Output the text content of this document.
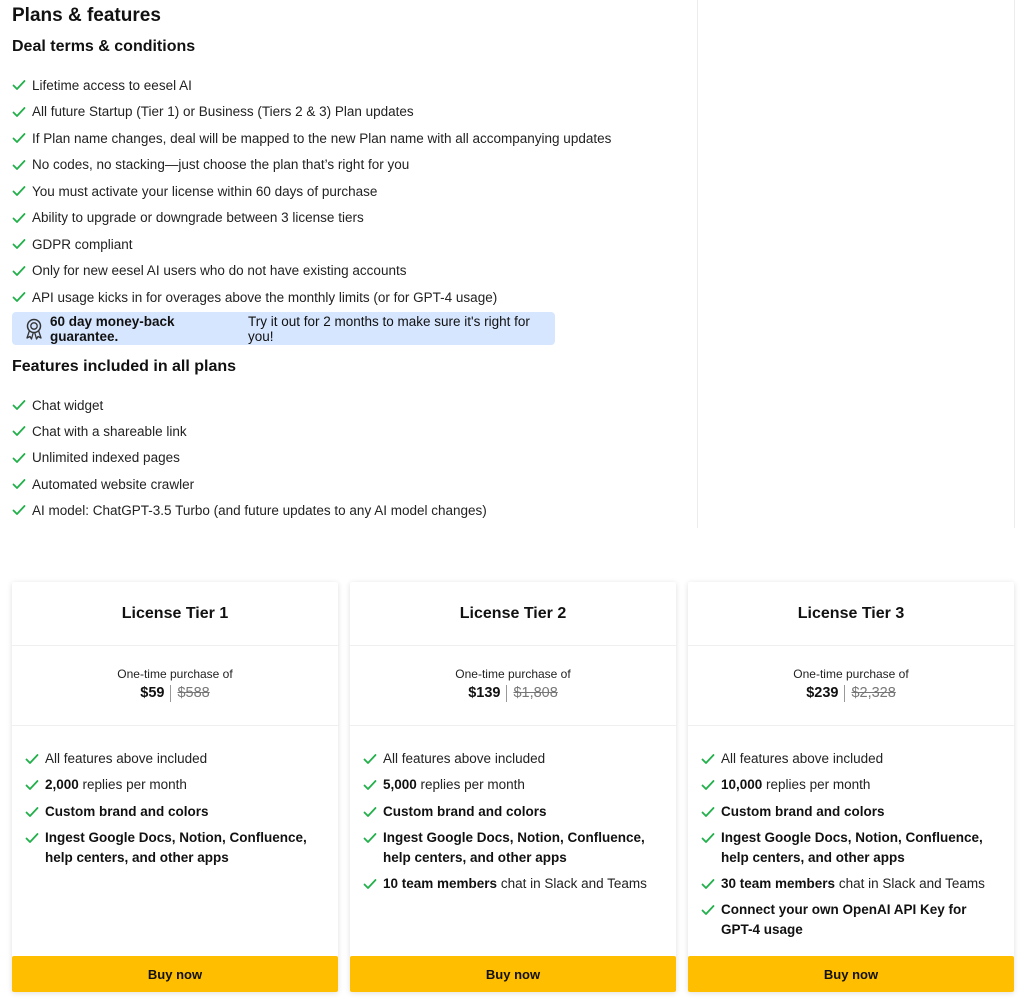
Plans & features
Deal terms & conditions
Lifetime access to eesel AI
All future Startup (Tier 1) or Business (Tiers 2 & 3) Plan updates
If Plan name changes, deal will be mapped to the new Plan name with all accompanying updates
No codes, no stacking—just choose the plan that’s right for you
You must activate your license within 60 days of purchase
Ability to upgrade or downgrade between 3 license tiers
GDPR compliant
Only for new eesel AI users who do not have existing accounts
API usage kicks in for overages above the monthly limits (or for GPT-4 usage)
60 day money-back guarantee.
Try it out for 2 months to make sure it's right for you!
Features included in all plans
Chat widget
Chat with a shareable link
Unlimited indexed pages
Automated website crawler
AI model: ChatGPT-3.5 Turbo (and future updates to any AI model changes)
License Tier 1
One-time purchase of
$59 $588
All features above included
2,000 replies per month
Custom brand and colors
Ingest Google Docs, Notion, Confluence, help centers, and other apps
Buy now
License Tier 2
One-time purchase of
$139 $1,808
All features above included
5,000 replies per month
Custom brand and colors
Ingest Google Docs, Notion, Confluence, help centers, and other apps
10 team members chat in Slack and Teams
Buy now
License Tier 3
One-time purchase of
$239 $2,328
All features above included
10,000 replies per month
Custom brand and colors
Ingest Google Docs, Notion, Confluence, help centers, and other apps
30 team members chat in Slack and Teams
Connect your own OpenAI API Key for GPT-4 usage
Buy now
